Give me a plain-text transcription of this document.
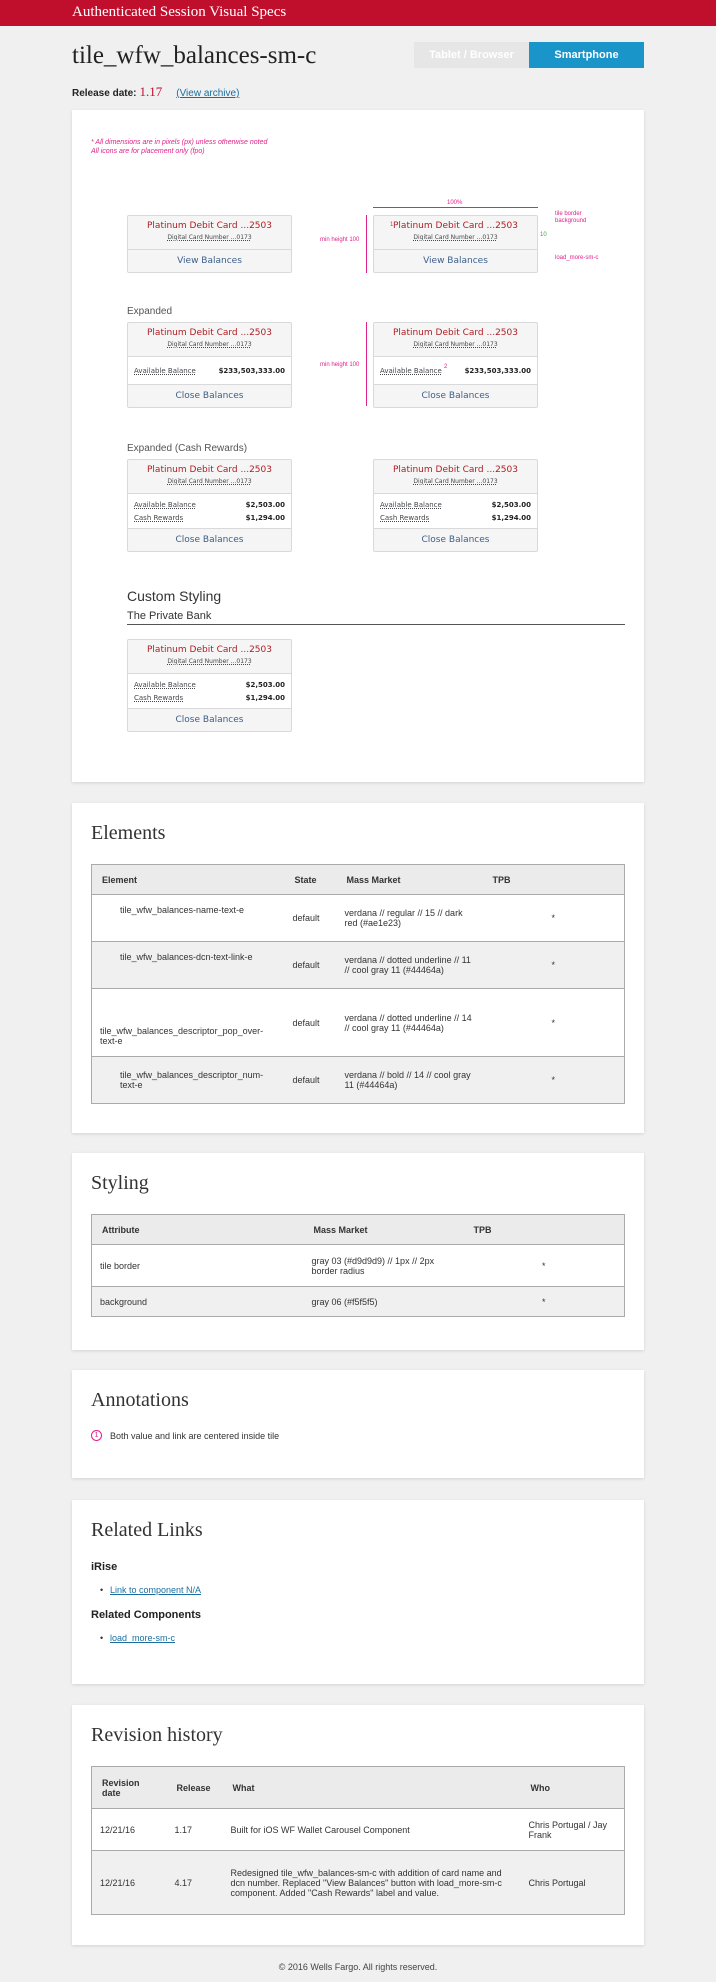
Authenticated Session Visual Specs
tile_wfw_balances-sm-c	Tablet / Browser	Smartphone
Release date: 1.17 (View archive)
* All dimensions are in pixels (px) unless otherwise noted
All icons are for placement only (fpo)
Platinum Debit Card ...2503
Digital Card Number ...0173
View Balances
Platinum Debit Card ...2503
Digital Card Number ...0173
View Balances
100%
min height 100
tile border
background
load_more-sm-c
10
1
Expanded
Platinum Debit Card ...2503
Digital Card Number ...0173
Available Balance	$233,503,333.00
Close Balances
Platinum Debit Card ...2503
Digital Card Number ...0173
Available Balance	$233,503,333.00
Close Balances
min height 100	2
Expanded (Cash Rewards)
Platinum Debit Card ...2503
Digital Card Number ...0173
Available Balance	$2,503.00
Cash Rewards	$1,294.00
Close Balances
Platinum Debit Card ...2503
Digital Card Number ...0173
Available Balance	$2,503.00
Cash Rewards	$1,294.00
Close Balances
Custom Styling
The Private Bank
Platinum Debit Card ...2503
Digital Card Number ...0173
Available Balance	$2,503.00
Cash Rewards	$1,294.00
Close Balances
Elements
Element	State	Mass Market	TPB
tile_wfw_balances-name-text-e	default	verdana // regular // 15 // dark red (#ae1e23)	*
tile_wfw_balances-dcn-text-link-e	default	verdana // dotted underline // 11 // cool gray 11 (#44464a)	*
tile_wfw_balances_descriptor_pop_over-text-e	default	verdana // dotted underline // 14 // cool gray 11 (#44464a)	*
tile_wfw_balances_descriptor_num-text-e	default	verdana // bold // 14 // cool gray 11 (#44464a)	*
Styling
Attribute	Mass Market	TPB
tile border	gray 03 (#d9d9d9) // 1px // 2px border radius	*
background	gray 06 (#f5f5f5)	*
Annotations
1	Both value and link are centered inside tile
Related Links
iRise
• Link to component N/A
Related Components
• load_more-sm-c
Revision history
Revision date	Release	What	Who
12/21/16	1.17	Built for iOS WF Wallet Carousel Component	Chris Portugal / Jay Frank
12/21/16	4.17	Redesigned tile_wfw_balances-sm-c with addition of card name and dcn number. Replaced "View Balances" button with load_more-sm-c component. Added "Cash Rewards" label and value.	Chris Portugal
© 2016 Wells Fargo. All rights reserved.
